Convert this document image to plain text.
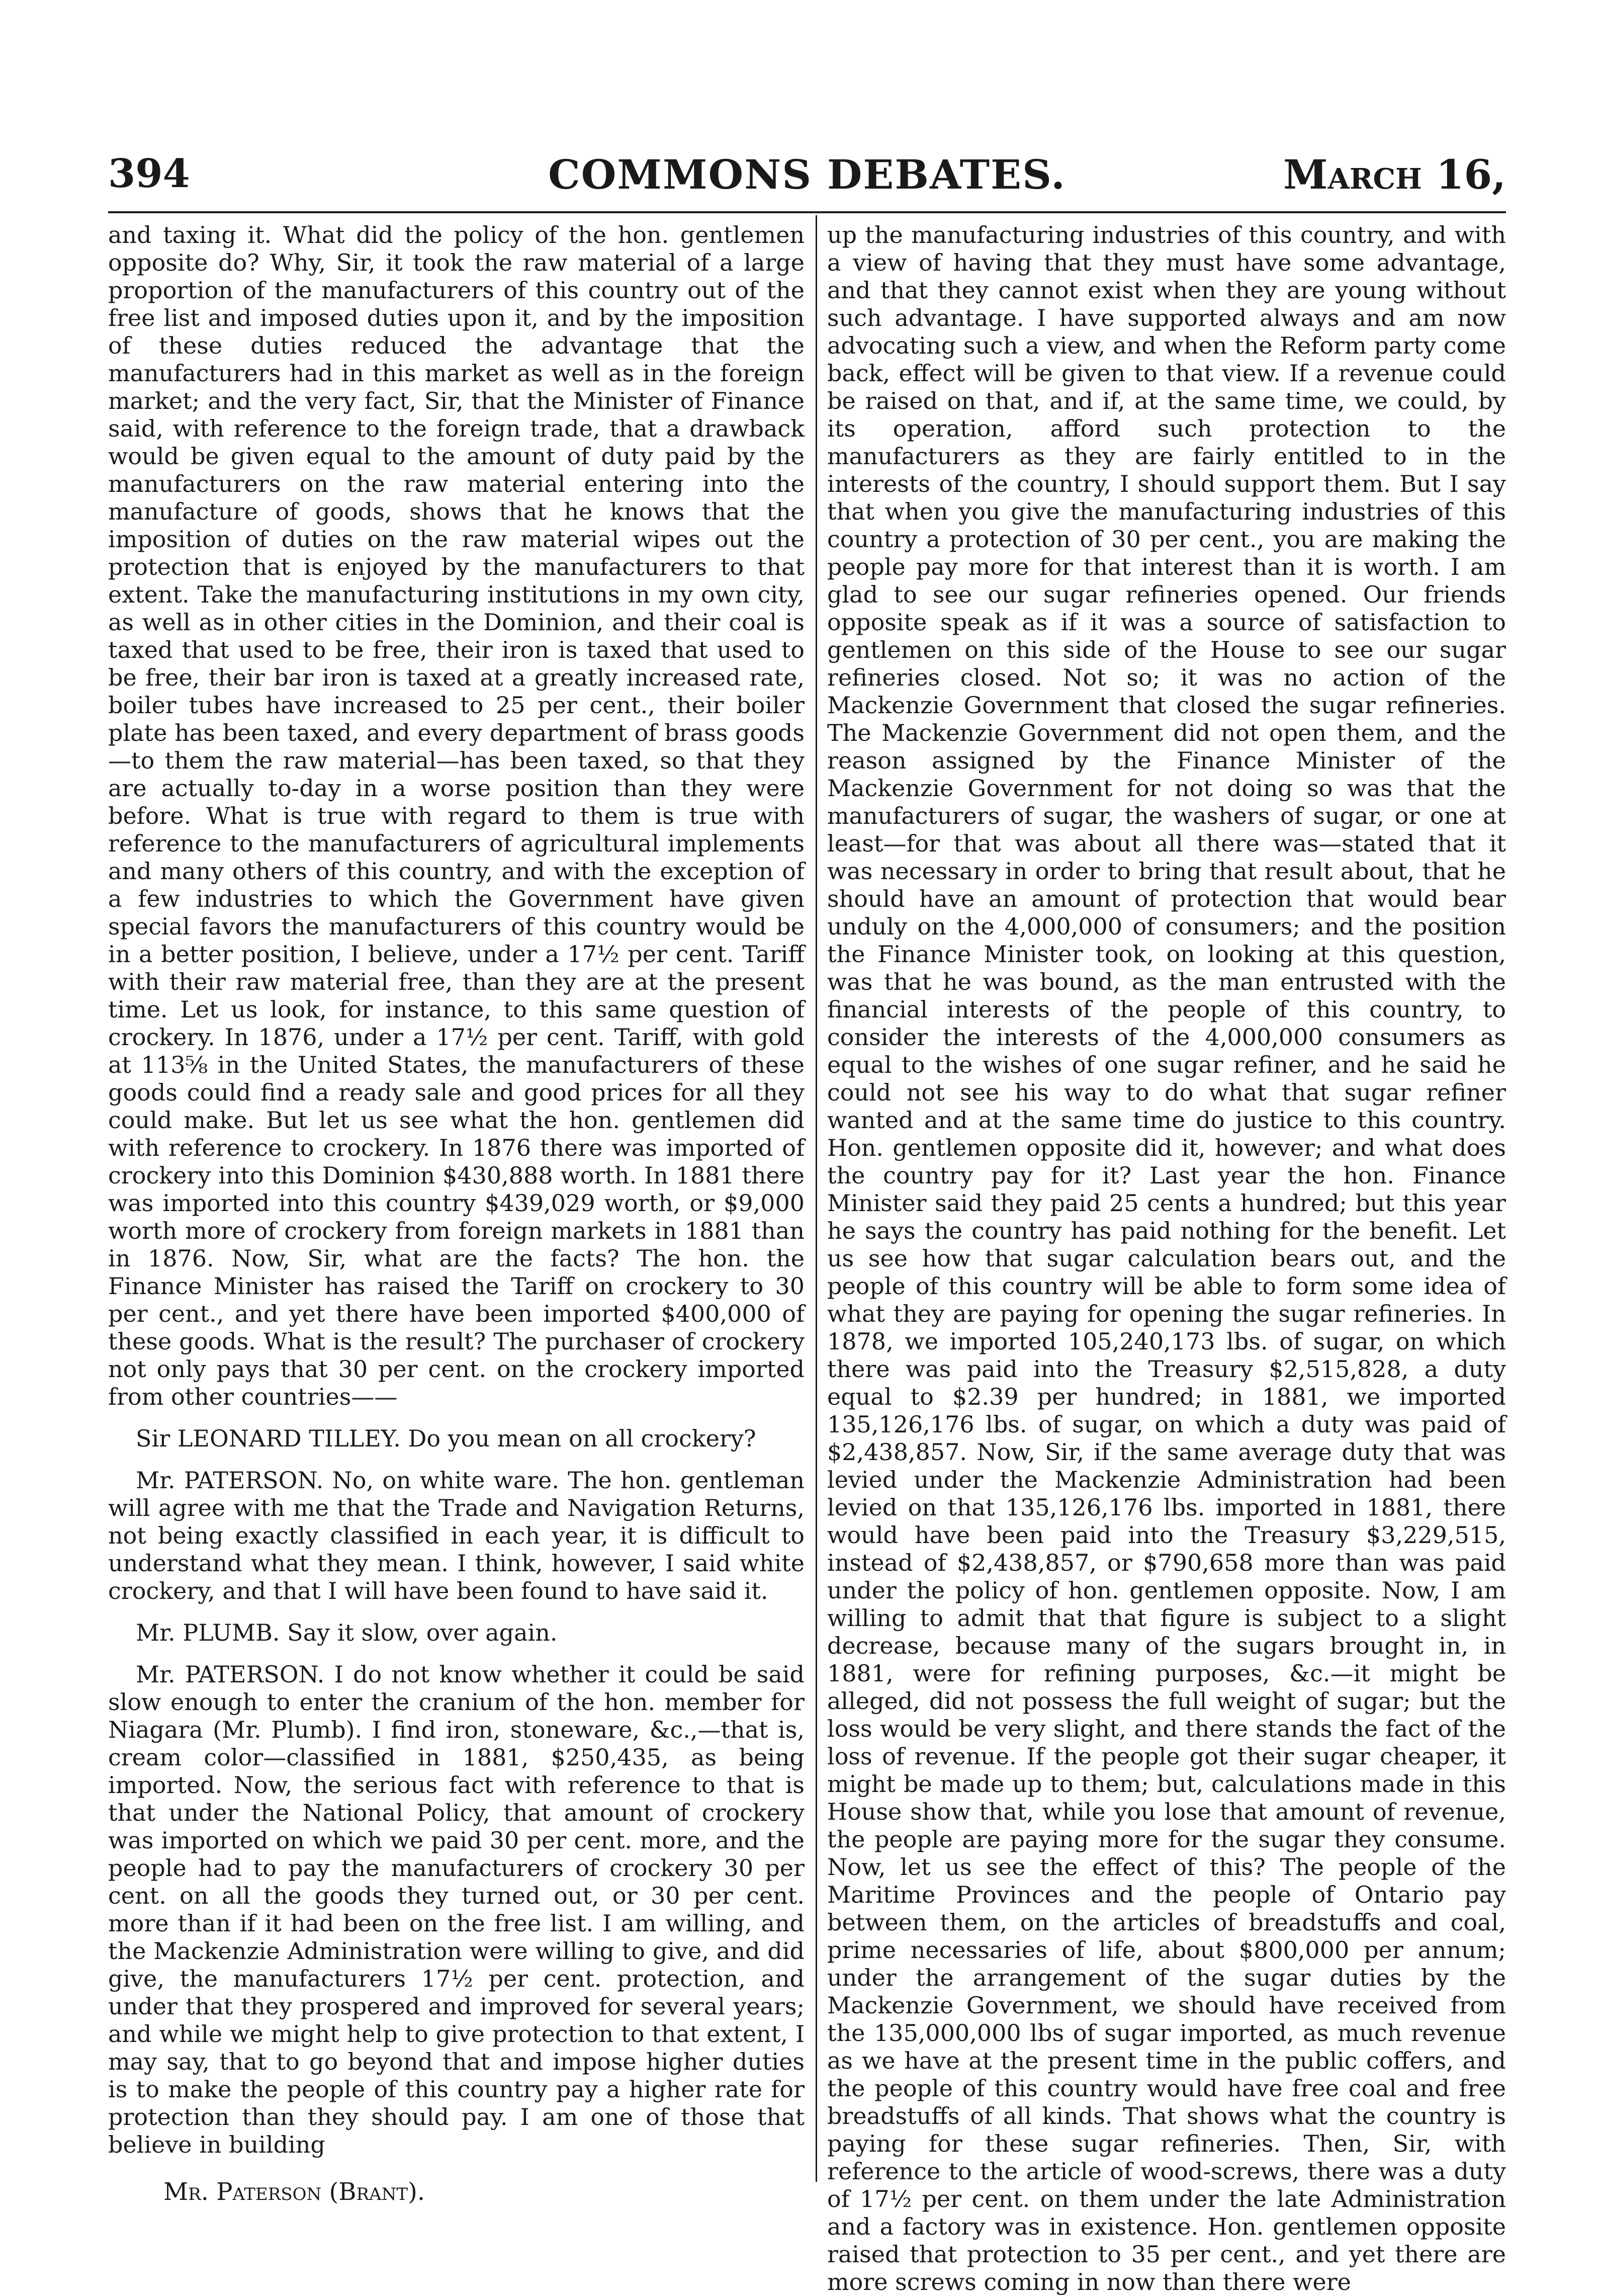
COMMONS DEBATES.
394	March 16,

and taxing it. What did the policy of the hon. gentlemen opposite do? Why, Sir, it took the raw material of a large proportion of the manufacturers of this country out of the free list and imposed duties upon it, and by the imposition of these duties reduced the advantage that the manufacturers had in this market as well as in the foreign market; and the very fact, Sir, that the Minister of Finance said, with reference to the foreign trade, that a drawback would be given equal to the amount of duty paid by the manufacturers on the raw material entering into the manufacture of goods, shows that he knows that the imposition of duties on the raw material wipes out the protection that is enjoyed by the manufacturers to that extent. Take the manufacturing institutions in my own city, as well as in other cities in the Dominion, and their coal is taxed that used to be free, their iron is taxed that used to be free, their bar iron is taxed at a greatly increased rate, boiler tubes have increased to 25 per cent., their boiler plate has been taxed, and every department of brass goods—to them the raw material—has been taxed, so that they are actually to-day in a worse position than they were before. What is true with regard to them is true with reference to the manufacturers of agricultural implements and many others of this country, and with the exception of a few industries to which the Government have given special favors the manufacturers of this country would be in a better position, I believe, under a 17½ per cent. Tariff with their raw material free, than they are at the present time. Let us look, for instance, to this same question of crockery. In 1876, under a 17½ per cent. Tariff, with gold at 113⅝ in the United States, the manufacturers of these goods could find a ready sale and good prices for all they could make. But let us see what the hon. gentlemen did with reference to crockery. In 1876 there was imported of crockery into this Dominion $430,888 worth. In 1881 there was imported into this country $439,029 worth, or $9,000 worth more of crockery from foreign markets in 1881 than in 1876. Now, Sir, what are the facts? The hon. the Finance Minister has raised the Tariff on crockery to 30 per cent., and yet there have been imported $400,000 of these goods. What is the result? The purchaser of crockery not only pays that 30 per cent. on the crockery imported from other countries——

Sir LEONARD TILLEY. Do you mean on all crockery?

Mr. PATERSON. No, on white ware. The hon. gentleman will agree with me that the Trade and Navigation Returns, not being exactly classified in each year, it is difficult to understand what they mean. I think, however, I said white crockery, and that I will have been found to have said it.

Mr. PLUMB. Say it slow, over again.

Mr. PATERSON. I do not know whether it could be said slow enough to enter the cranium of the hon. member for Niagara (Mr. Plumb). I find iron, stoneware, &c.,—that is, cream color—classified in 1881, $250,435, as being imported. Now, the serious fact with reference to that is that under the National Policy, that amount of crockery was imported on which we paid 30 per cent. more, and the people had to pay the manufacturers of crockery 30 per cent. on all the goods they turned out, or 30 per cent. more than if it had been on the free list. I am willing, and the Mackenzie Administration were willing to give, and did give, the manufacturers 17½ per cent. protection, and under that they prospered and improved for several years; and while we might help to give protection to that extent, I may say, that to go beyond that and impose higher duties is to make the people of this country pay a higher rate for protection than they should pay. I am one of those that believe in building

up the manufacturing industries of this country, and with a view of having that they must have some advantage, and that they cannot exist when they are young without such advantage. I have supported always and am now advocating such a view, and when the Reform party come back, effect will be given to that view. If a revenue could be raised on that, and if, at the same time, we could, by its operation, afford such protection to the manufacturers as they are fairly entitled to in the interests of the country, I should support them. But I say that when you give the manufacturing industries of this country a protection of 30 per cent., you are making the people pay more for that interest than it is worth. I am glad to see our sugar refineries opened. Our friends opposite speak as if it was a source of satisfaction to gentlemen on this side of the House to see our sugar refineries closed. Not so; it was no action of the Mackenzie Government that closed the sugar refineries. The Mackenzie Government did not open them, and the reason assigned by the Finance Minister of the Mackenzie Government for not doing so was that the manufacturers of sugar, the washers of sugar, or one at least—for that was about all there was—stated that it was necessary in order to bring that result about, that he should have an amount of protection that would bear unduly on the 4,000,000 of consumers; and the position the Finance Minister took, on looking at this question, was that he was bound, as the man entrusted with the financial interests of the people of this country, to consider the interests of the 4,000,000 consumers as equal to the wishes of one sugar refiner, and he said he could not see his way to do what that sugar refiner wanted and at the same time do justice to this country. Hon. gentlemen opposite did it, however; and what does the country pay for it? Last year the hon. Finance Minister said they paid 25 cents a hundred; but this year he says the country has paid nothing for the benefit. Let us see how that sugar calculation bears out, and the people of this country will be able to form some idea of what they are paying for opening the sugar refineries. In 1878, we imported 105,240,173 lbs. of sugar, on which there was paid into the Treasury $2,515,828, a duty equal to $2.39 per hundred; in 1881, we imported 135,126,176 lbs. of sugar, on which a duty was paid of $2,438,857. Now, Sir, if the same average duty that was levied under the Mackenzie Administration had been levied on that 135,126,176 lbs. imported in 1881, there would have been paid into the Treasury $3,229,515, instead of $2,438,857, or $790,658 more than was paid under the policy of hon. gentlemen opposite. Now, I am willing to admit that that figure is subject to a slight decrease, because many of the sugars brought in, in 1881, were for refining purposes, &c.—it might be alleged, did not possess the full weight of sugar; but the loss would be very slight, and there stands the fact of the loss of revenue. If the people got their sugar cheaper, it might be made up to them; but, calculations made in this House show that, while you lose that amount of revenue, the people are paying more for the sugar they consume. Now, let us see the effect of this? The people of the Maritime Provinces and the people of Ontario pay between them, on the articles of breadstuffs and coal, prime necessaries of life, about $800,000 per annum; under the arrangement of the sugar duties by the Mackenzie Government, we should have received from the 135,000,000 lbs of sugar imported, as much revenue as we have at the present time in the public coffers, and the people of this country would have free coal and free breadstuffs of all kinds. That shows what the country is paying for these sugar refineries. Then, Sir, with reference to the article of wood-screws, there was a duty of 17½ per cent. on them under the late Administration and a factory was in existence. Hon. gentlemen opposite raised that protection to 35 per cent., and yet there are more screws coming in now than there were

Mr. Paterson (Brant).
